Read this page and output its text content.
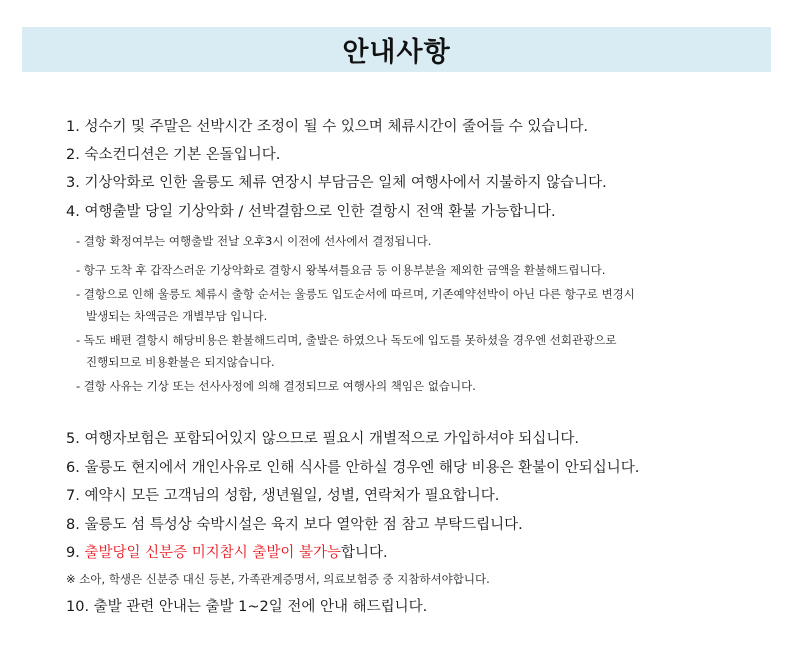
안내사항
1. 성수기 및 주말은 선박시간 조정이 될 수 있으며 체류시간이 줄어들 수 있습니다.
2. 숙소컨디션은 기본 온돌입니다.
3. 기상악화로 인한 울릉도 체류 연장시 부담금은 일체 여행사에서 지불하지 않습니다.
4. 여행출발 당일 기상악화 / 선박결함으로 인한 결항시 전액 환불 가능합니다.
- 결항 확정여부는 여행출발 전날 오후3시 이전에 선사에서 결정됩니다.
- 항구 도착 후 갑작스러운 기상악화로 결항시 왕복셔틀요금 등 이용부분을 제외한 금액을 환불해드립니다.
- 결항으로 인해 울릉도 체류시 출항 순서는 울릉도 입도순서에 따르며, 기존예약선박이 아닌 다른 항구로 변경시
발생되는 차액금은 개별부담 입니다.
- 독도 배편 결항시 해당비용은 환불해드리며, 출발은 하였으나 독도에 입도를 못하셨을 경우엔 선회관광으로
진행되므로 비용환불은 되지않습니다.
- 결항 사유는 기상 또는 선사사정에 의해 결정되므로 여행사의 책임은 없습니다.
5. 여행자보험은 포함되어있지 않으므로 필요시 개별적으로 가입하셔야 되십니다.
6. 울릉도 현지에서 개인사유로 인해 식사를 안하실 경우엔 해당 비용은 환불이 안되십니다.
7. 예약시 모든 고객님의 성함, 생년월일, 성별, 연락처가 필요합니다.
8. 울릉도 섬 특성상 숙박시설은 육지 보다 열악한 점 참고 부탁드립니다.
9. 출발당일 신분증 미지참시 출발이 불가능합니다.
※ 소아, 학생은 신분증 대신 등본, 가족관계증명서, 의료보험증 중 지참하셔야합니다.
10. 출발 관련 안내는 출발 1~2일 전에 안내 해드립니다.
